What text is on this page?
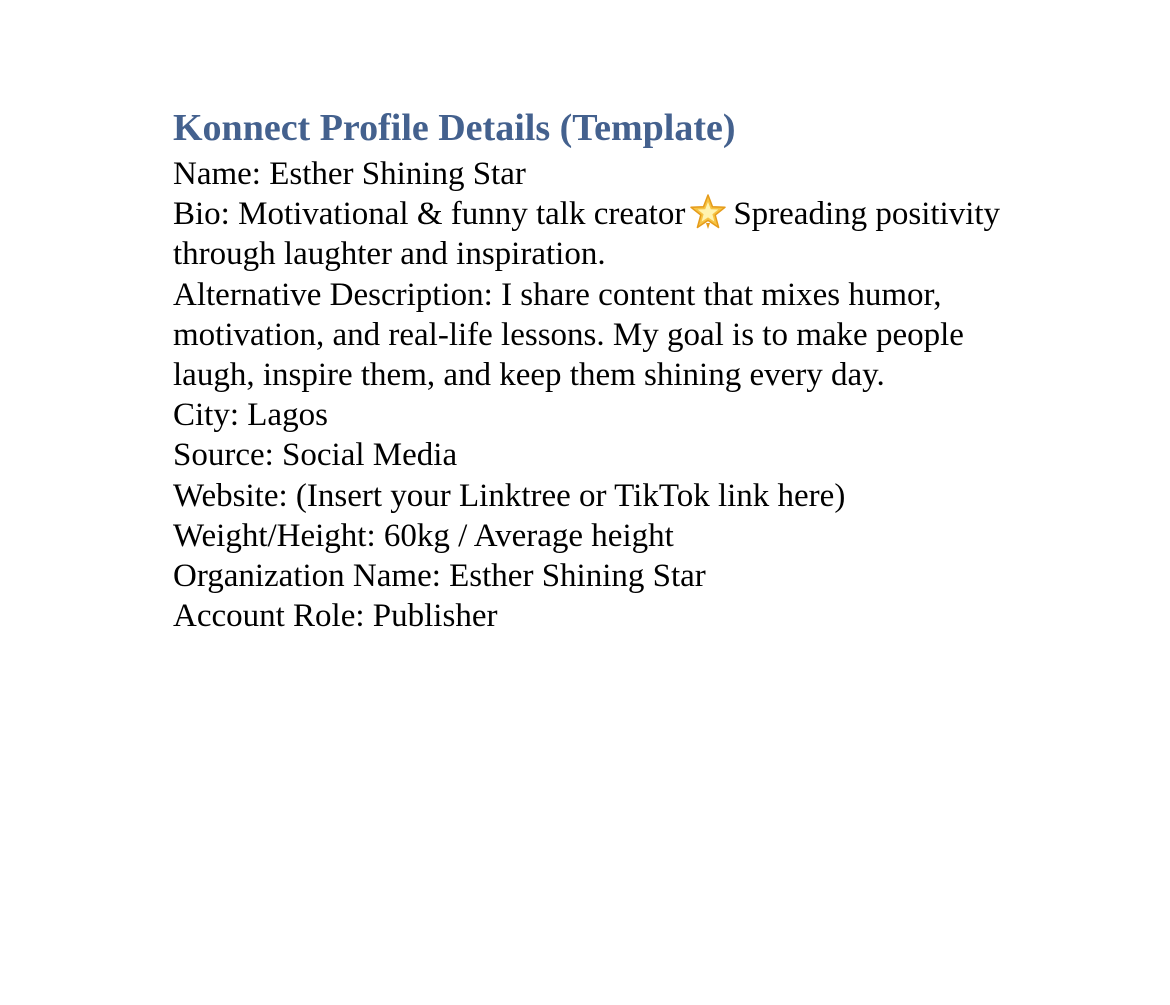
Konnect Profile Details (Template)

Name: Esther Shining Star

Bio: Motivational & funny talk creator Spreading positivity through laughter and inspiration.

Alternative Description: I share content that mixes humor, motivation, and real-life lessons. My goal is to make people laugh, inspire them, and keep them shining every day.

City: Lagos

Source: Social Media

Website: (Insert your Linktree or TikTok link here)

Weight/Height: 60kg / Average height

Organization Name: Esther Shining Star

Account Role: Publisher
